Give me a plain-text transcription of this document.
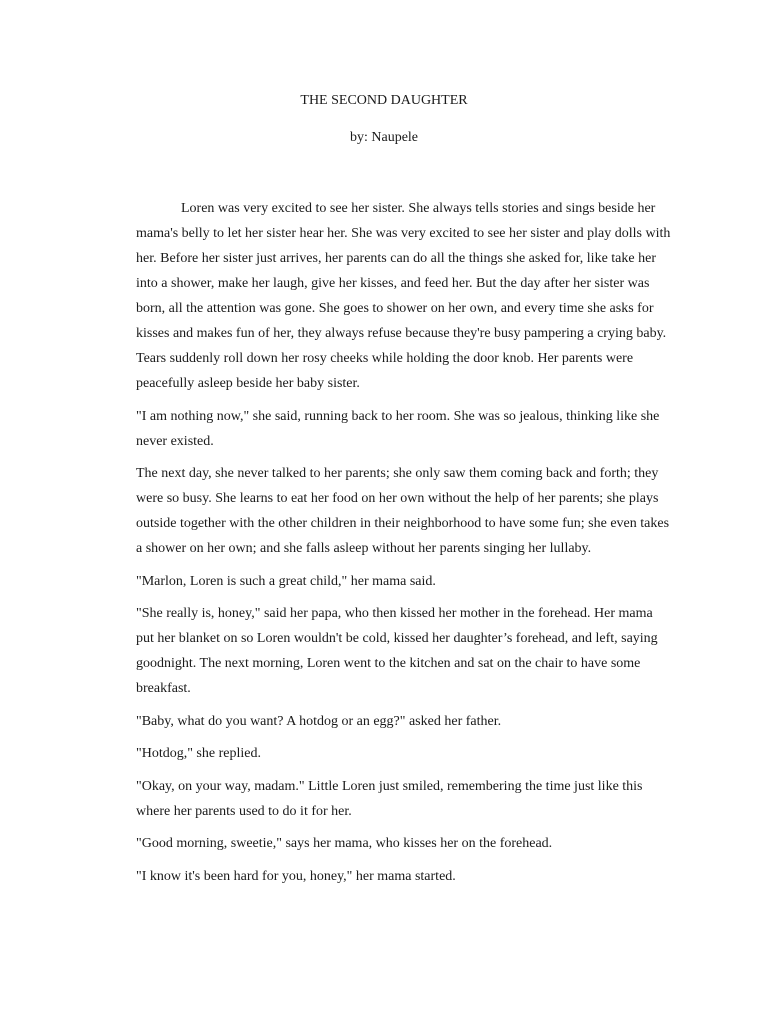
THE SECOND DAUGHTER
by: Naupele

Loren was very excited to see her sister. She always tells stories and sings beside her mama's belly to let her sister hear her. She was very excited to see her sister and play dolls with her. Before her sister just arrives, her parents can do all the things she asked for, like take her into a shower, make her laugh, give her kisses, and feed her. But the day after her sister was born, all the attention was gone. She goes to shower on her own, and every time she asks for kisses and makes fun of her, they always refuse because they're busy pampering a crying baby. Tears suddenly roll down her rosy cheeks while holding the door knob. Her parents were peacefully asleep beside her baby sister.

"I am nothing now," she said, running back to her room. She was so jealous, thinking like she never existed.

The next day, she never talked to her parents; she only saw them coming back and forth; they were so busy. She learns to eat her food on her own without the help of her parents; she plays outside together with the other children in their neighborhood to have some fun; she even takes a shower on her own; and she falls asleep without her parents singing her lullaby.

"Marlon, Loren is such a great child," her mama said.

"She really is, honey," said her papa, who then kissed her mother in the forehead. Her mama put her blanket on so Loren wouldn't be cold, kissed her daughter’s forehead, and left, saying goodnight. The next morning, Loren went to the kitchen and sat on the chair to have some breakfast.

"Baby, what do you want? A hotdog or an egg?" asked her father.

"Hotdog," she replied.

"Okay, on your way, madam." Little Loren just smiled, remembering the time just like this where her parents used to do it for her.

"Good morning, sweetie," says her mama, who kisses her on the forehead.

"I know it's been hard for you, honey," her mama started.
